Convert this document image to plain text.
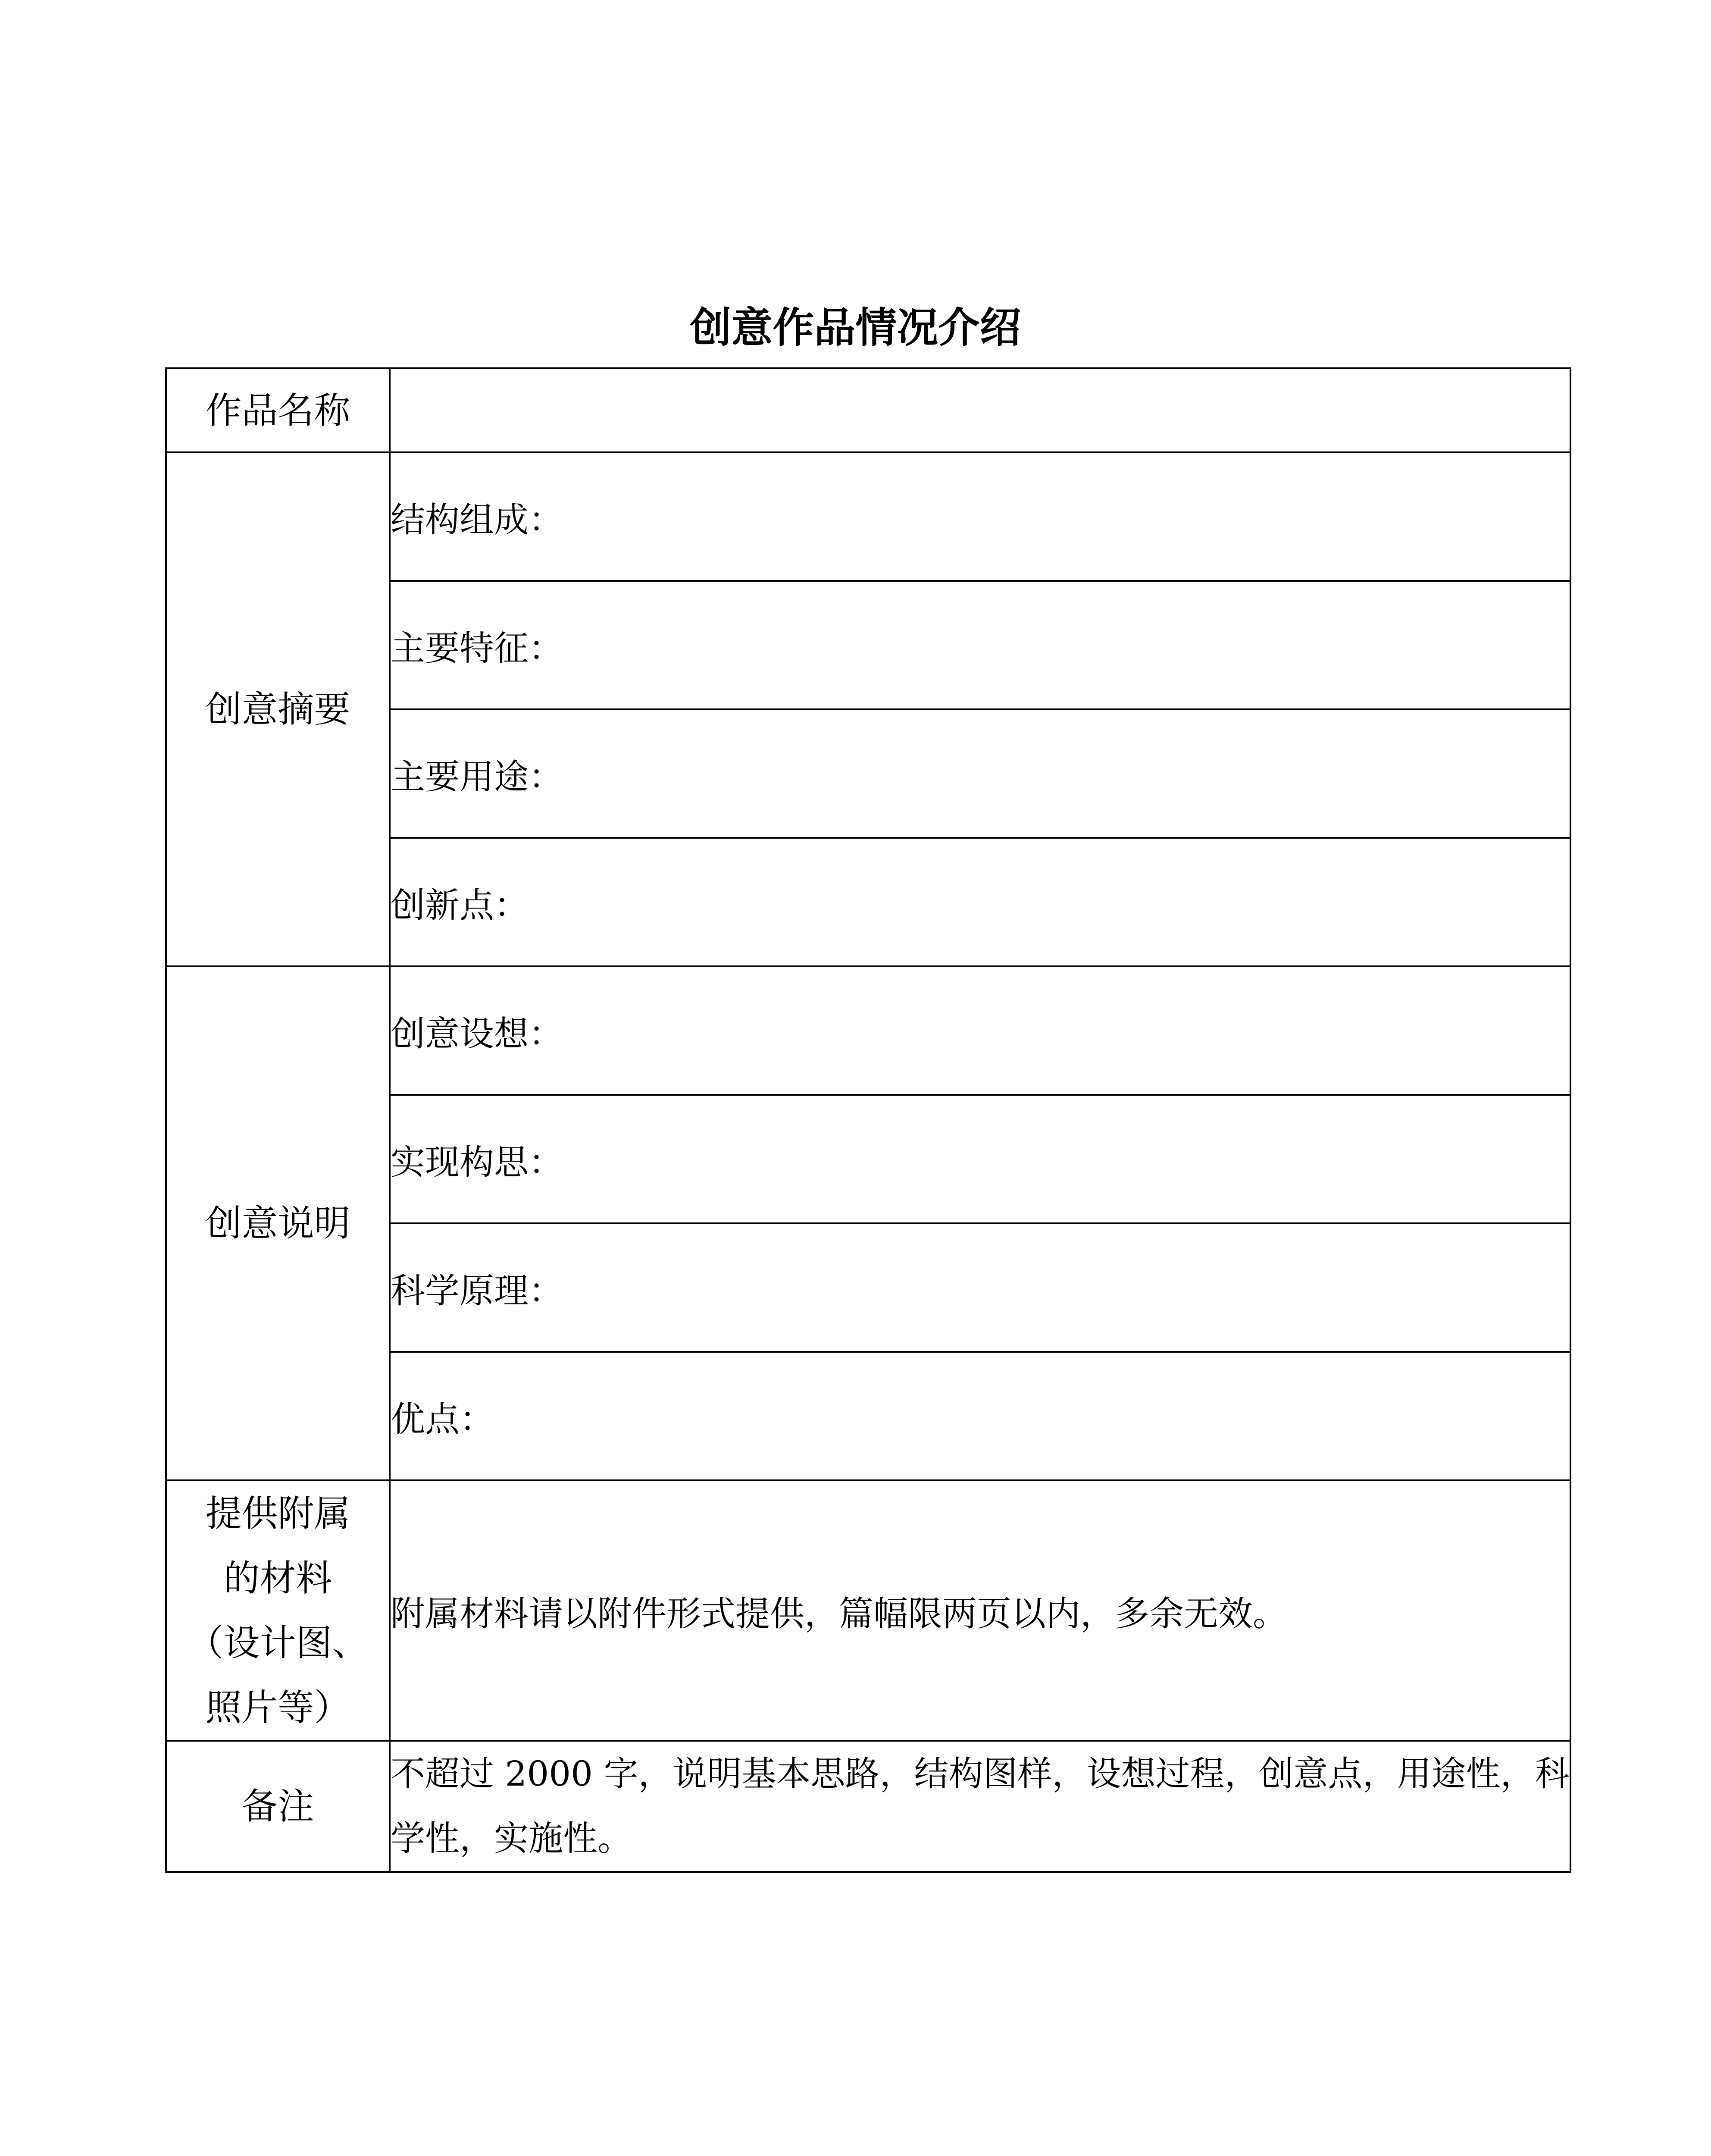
创意作品情况介绍
作品名称	
创意摘要	结构组成：
	主要特征：
	主要用途：
	创新点：
创意说明	创意设想：
	实现构思：
	科学原理：
	优点：

提供附属
的材料
（设计图、
照片等）	附属材料请以附件形式提供，篇幅限两页以内，多余无效。
备注	不超过 2000 字，说明基本思路，结构图样，设想过程，创意点，用途性，科学性，实施性。
